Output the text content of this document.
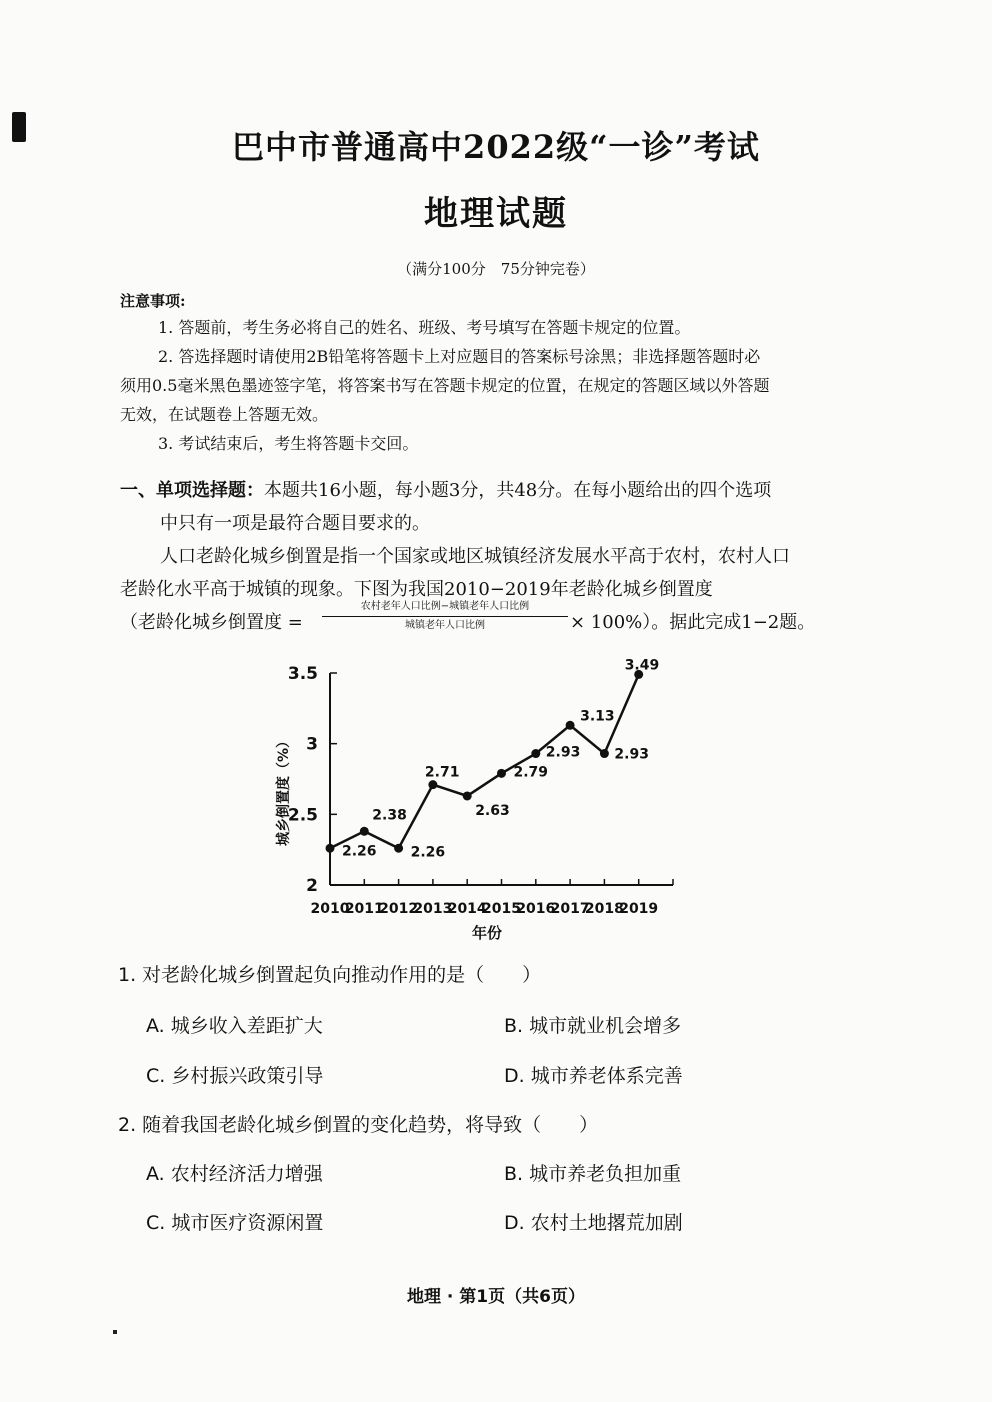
巴中市普通高中2022级“一诊”考试
地理试题
（满分100分　75分钟完卷）
注意事项:
1. 答题前，考生务必将自己的姓名、班级、考号填写在答题卡规定的位置。
2. 答选择题时请使用2B铅笔将答题卡上对应题目的答案标号涂黑；非选择题答题时必
须用0.5毫米黑色墨迹签字笔，将答案书写在答题卡规定的位置，在规定的答题区域以外答题
无效，在试题卷上答题无效。
3. 考试结束后，考生将答题卡交回。
一、单项选择题：本题共16小题，每小题3分，共48分。在每小题给出的四个选项
中只有一项是最符合题目要求的。
人口老龄化城乡倒置是指一个国家或地区城镇经济发展水平高于农村，农村人口
老龄化水平高于城镇的现象。下图为我国2010−2019年老龄化城乡倒置度
（老龄化城乡倒置度 =
农村老年人口比例−城镇老年人口比例
城镇老年人口比例	× 100%）。据此完成1−2题。
2
2.5
3
3.5
2010
2011
2012
2013
2014
2015
2016
2017
2018
2019
2.26
2.38
2.26
2.71
2.63
2.79
2.93
3.13
2.93
3.49
城乡倒置度（%）
年份
1. 对老龄化城乡倒置起负向推动作用的是（　　）
A. 城乡收入差距扩大	B. 城市就业机会增多
C. 乡村振兴政策引导	D. 城市养老体系完善
2. 随着我国老龄化城乡倒置的变化趋势，将导致（　　）
A. 农村经济活力增强	B. 城市养老负担加重
C. 城市医疗资源闲置	D. 农村土地撂荒加剧
地理 · 第1页（共6页）
